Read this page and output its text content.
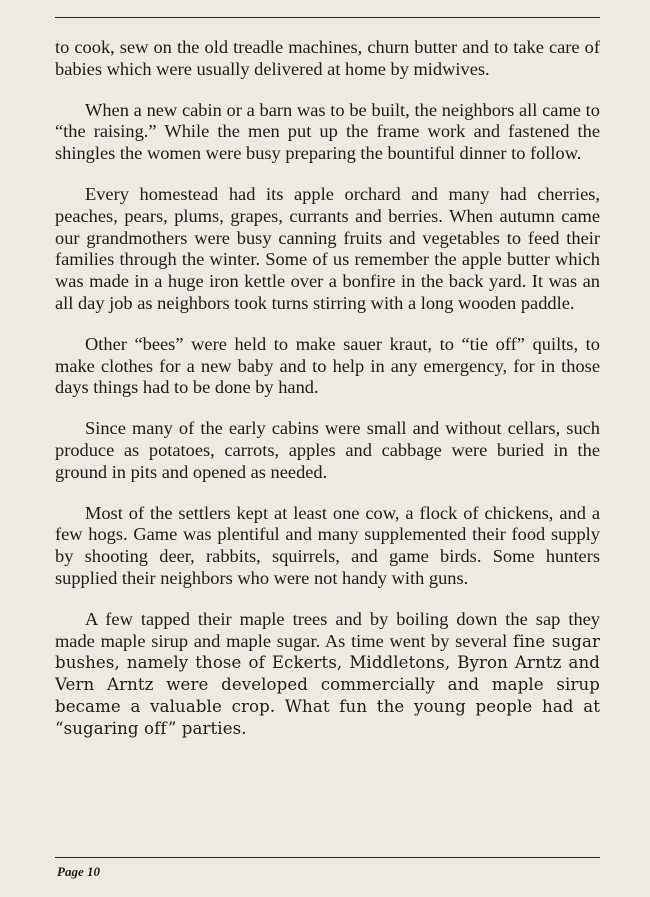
to cook, sew on the old treadle machines, churn butter and to take care of babies which were usually delivered at home by midwives.

When a new cabin or a barn was to be built, the neighbors all came to “the raising.” While the men put up the frame work and fastened the shingles the women were busy preparing the bountiful dinner to follow.

Every homestead had its apple orchard and many had cherries, peaches, pears, plums, grapes, currants and berries. When autumn came our grandmothers were busy canning fruits and vegetables to feed their families through the winter. Some of us remember the apple butter which was made in a huge iron kettle over a bonfire in the back yard. It was an all day job as neighbors took turns stirring with a long wooden paddle.

Other “bees” were held to make sauer kraut, to “tie off” quilts, to make clothes for a new baby and to help in any emergency, for in those days things had to be done by hand.

Since many of the early cabins were small and without cellars, such produce as potatoes, carrots, apples and cabbage were buried in the ground in pits and opened as needed.

Most of the settlers kept at least one cow, a flock of chickens, and a few hogs. Game was plentiful and many supplemented their food supply by shooting deer, rabbits, squirrels, and game birds. Some hunters supplied their neighbors who were not handy with guns.

A few tapped their maple trees and by boiling down the sap they made maple sirup and maple sugar. As time went by several fine sugar bushes, namely those of Eckerts, Middletons, Byron Arntz and Vern Arntz were developed commercially and maple sirup became a valuable crop. What fun the young people had at “sugaring off” parties.

Page 10
